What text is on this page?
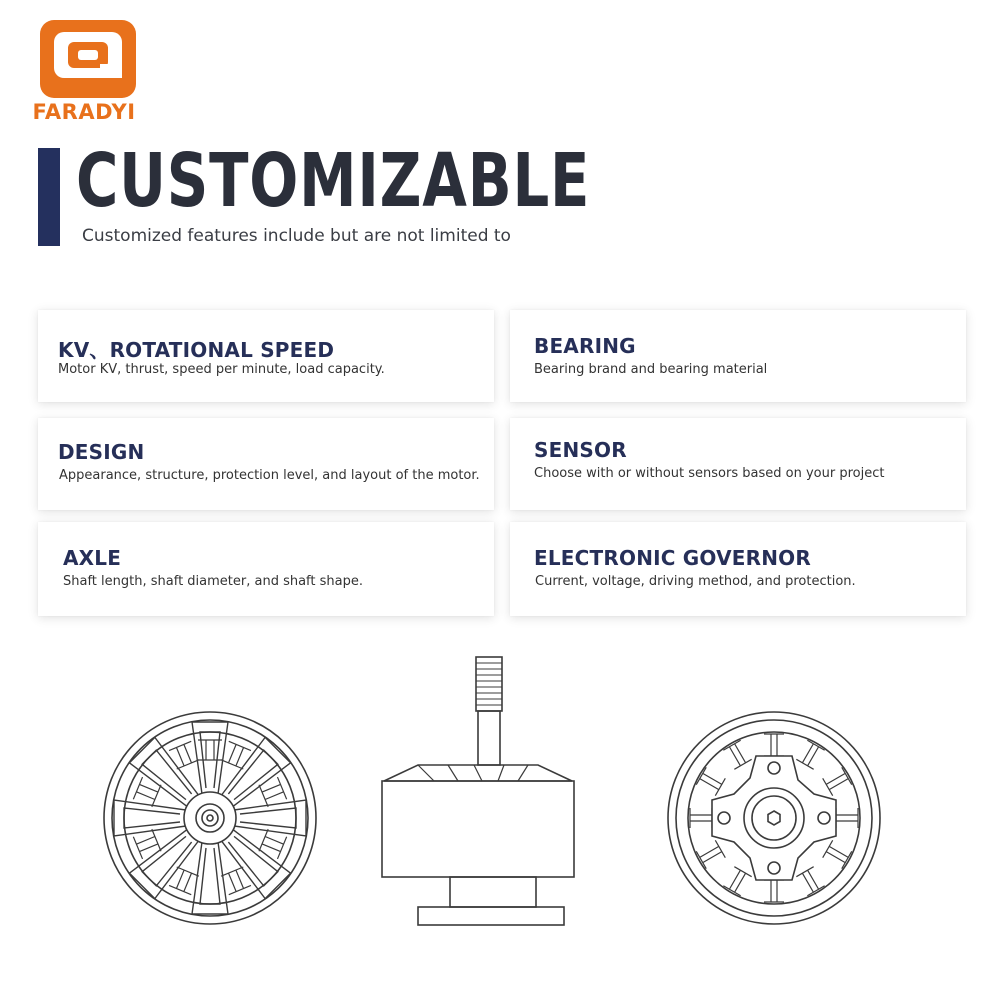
FARADYI
CUSTOMIZABLE
Customized features include but are not limited to
KV、ROTATIONAL SPEED
Motor KV, thrust, speed per minute, load capacity.
BEARING
Bearing brand and bearing material
DESIGN
Appearance, structure, protection level, and layout of the motor.
SENSOR
Choose with or without sensors based on your project
AXLE
Shaft length, shaft diameter, and shaft shape.
ELECTRONIC GOVERNOR
Current, voltage, driving method, and protection.
